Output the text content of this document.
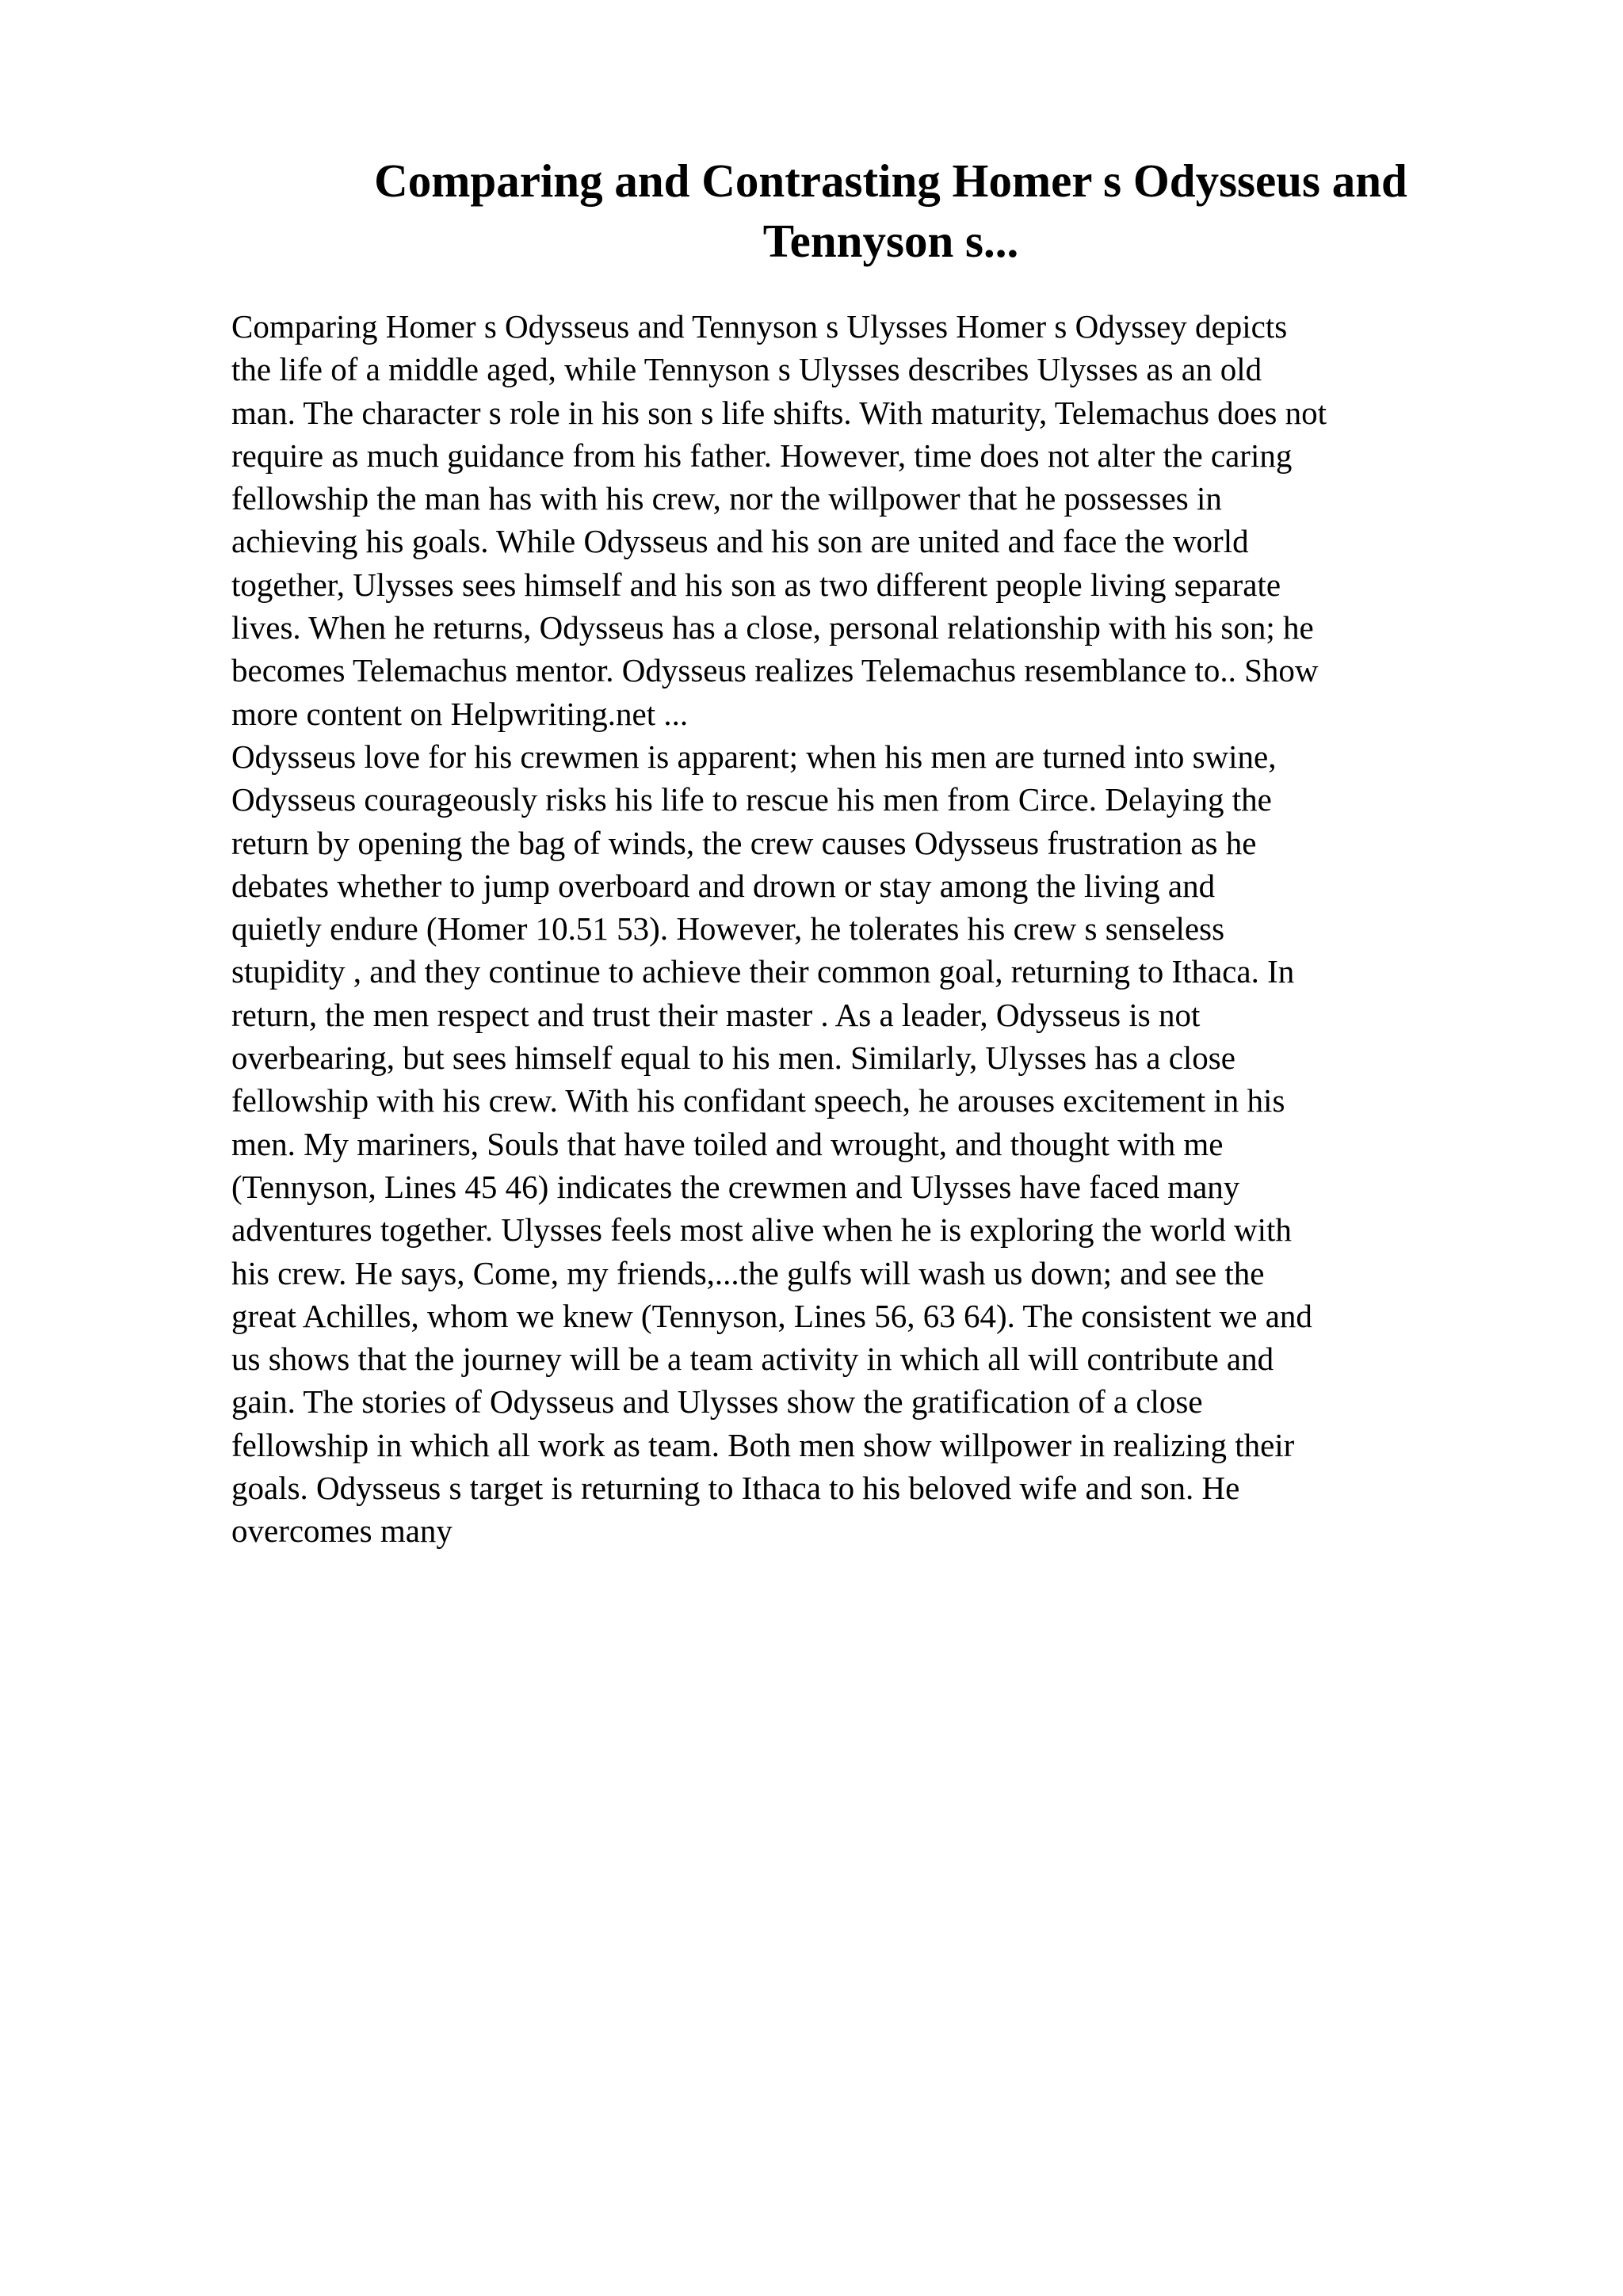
Comparing and Contrasting Homer s Odysseus and
Tennyson s...
Comparing Homer s Odysseus and Tennyson s Ulysses Homer s Odyssey depicts
the life of a middle aged, while Tennyson s Ulysses describes Ulysses as an old
man. The character s role in his son s life shifts. With maturity, Telemachus does not
require as much guidance from his father. However, time does not alter the caring
fellowship the man has with his crew, nor the willpower that he possesses in
achieving his goals. While Odysseus and his son are united and face the world
together, Ulysses sees himself and his son as two different people living separate
lives. When he returns, Odysseus has a close, personal relationship with his son; he
becomes Telemachus mentor. Odysseus realizes Telemachus resemblance to.. Show
more content on Helpwriting.net ...
Odysseus love for his crewmen is apparent; when his men are turned into swine,
Odysseus courageously risks his life to rescue his men from Circe. Delaying the
return by opening the bag of winds, the crew causes Odysseus frustration as he
debates whether to jump overboard and drown or stay among the living and
quietly endure (Homer 10.51 53). However, he tolerates his crew s senseless
stupidity , and they continue to achieve their common goal, returning to Ithaca. In
return, the men respect and trust their master . As a leader, Odysseus is not
overbearing, but sees himself equal to his men. Similarly, Ulysses has a close
fellowship with his crew. With his confidant speech, he arouses excitement in his
men. My mariners, Souls that have toiled and wrought, and thought with me
(Tennyson, Lines 45 46) indicates the crewmen and Ulysses have faced many
adventures together. Ulysses feels most alive when he is exploring the world with
his crew. He says, Come, my friends,...the gulfs will wash us down; and see the
great Achilles, whom we knew (Tennyson, Lines 56, 63 64). The consistent we and
us shows that the journey will be a team activity in which all will contribute and
gain. The stories of Odysseus and Ulysses show the gratification of a close
fellowship in which all work as team. Both men show willpower in realizing their
goals. Odysseus s target is returning to Ithaca to his beloved wife and son. He
overcomes many
